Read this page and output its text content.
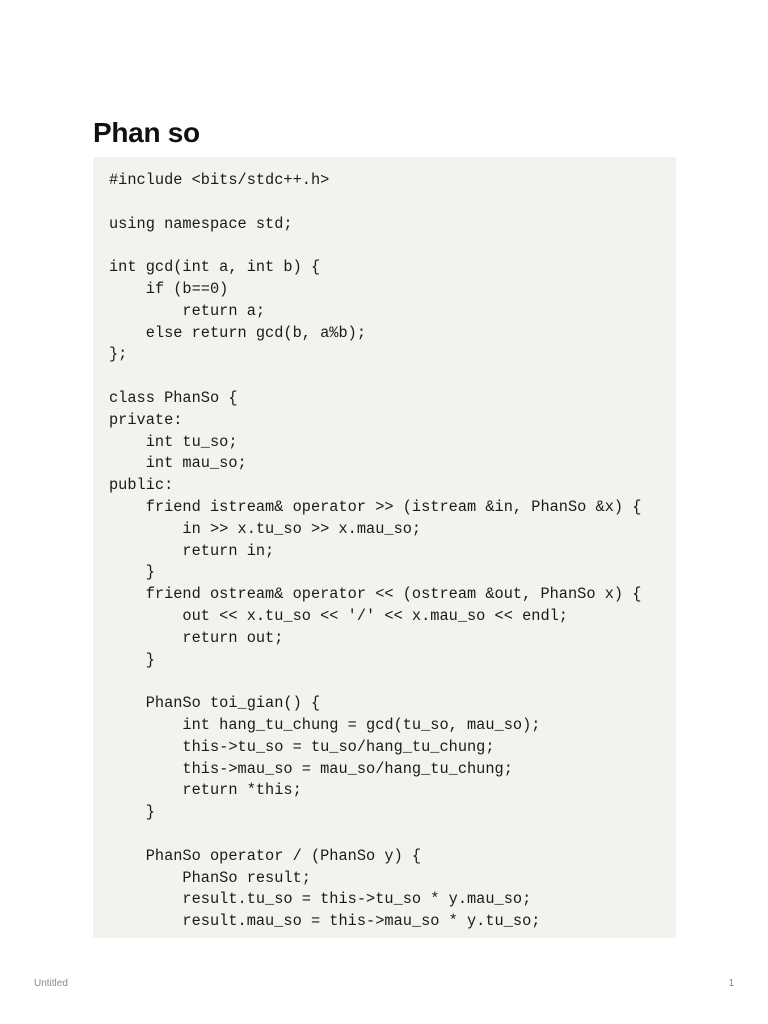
Phan so
#include <bits/stdc++.h>

using namespace std;

int gcd(int a, int b) {
if (b==0)
return a;
else return gcd(b, a%b);
};

class PhanSo {
private:
int tu_so;
int mau_so;
public:
friend istream& operator >> (istream &in, PhanSo &x) {
in >> x.tu_so >> x.mau_so;
return in;
}
friend ostream& operator << (ostream &out, PhanSo x) {
out << x.tu_so << '/' << x.mau_so << endl;
return out;
}

PhanSo toi_gian() {
int hang_tu_chung = gcd(tu_so, mau_so);
this->tu_so = tu_so/hang_tu_chung;
this->mau_so = mau_so/hang_tu_chung;
return *this;
}

PhanSo operator / (PhanSo y) {
PhanSo result;
result.tu_so = this->tu_so * y.mau_so;
result.mau_so = this->mau_so * y.tu_so;
Untitled	1
